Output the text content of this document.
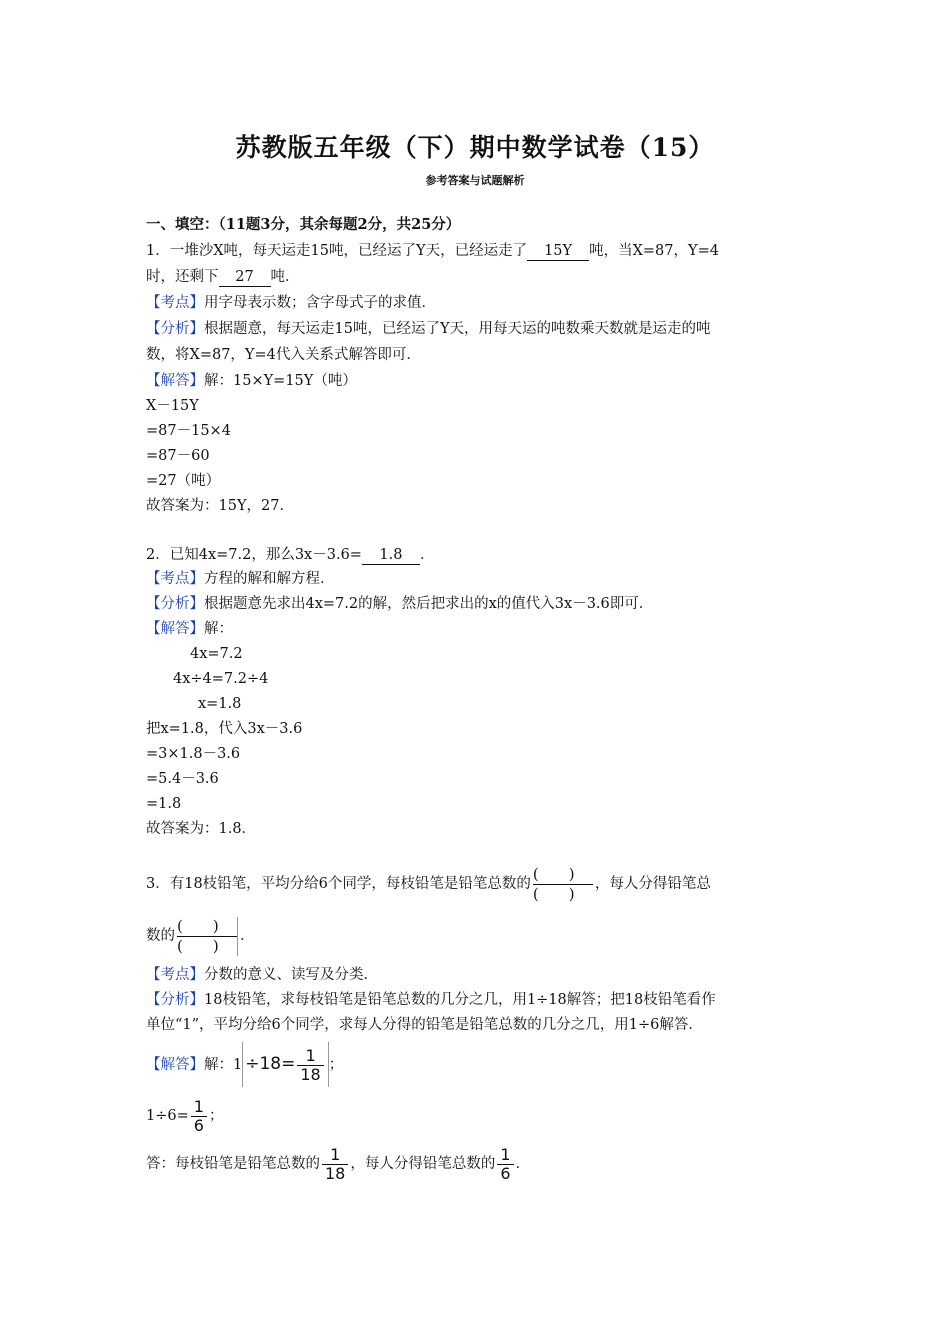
苏教版五年级（下）期中数学试卷（15）
参考答案与试题解析
一、填空：（11题3分，其余每题2分，共25分）
1．一堆沙X吨，每天运走15吨，已经运了Y天，已经运走了 15Y 吨，当X=87，Y=4
时，还剩下 27 吨．
【考点】用字母表示数；含字母式子的求值．
【分析】根据题意，每天运走15吨，已经运了Y天，用每天运的吨数乘天数就是运走的吨
数，将X=87，Y=4代入关系式解答即可．
【解答】解：15×Y=15Y（吨）
X－15Y
=87－15×4
=87－60
=27（吨）
故答案为：15Y，27．
2．已知4x=7.2，那么3x－3.6= 1.8 ．
【考点】方程的解和解方程．
【分析】根据题意先求出4x=7.2的解，然后把求出的x的值代入3x－3.6即可．
【解答】解：
4x=7.2
4x÷4=7.2÷4
x=1.8
把x=1.8，代入3x－3.6
=3×1.8－3.6
=5.4－3.6
=1.8
故答案为：1.8．
3．有18枝铅笔，平均分给6个同学，每枝铅笔是铅笔总数的 $\frac{()}{()}$ ，每人分得铅笔总
数的 $\frac{()}{()}$ ．
【考点】分数的意义、读写及分类．
【分析】18枝铅笔，求每枝铅笔是铅笔总数的几分之几，用1÷18解答；把18枝铅笔看作
单位“1”，平均分给6个同学，求每人分得的铅笔是铅笔总数的几分之几，用1÷6解答．
【解答】解：$1 \div 18= \frac{1}{18}$ ；
$1\div 6= \frac{1}{6}$ ；
答：每枝铅笔是铅笔总数的 $\frac{1}{18}$ ，每人分得铅笔总数的 $\frac{1}{6}$ ．
